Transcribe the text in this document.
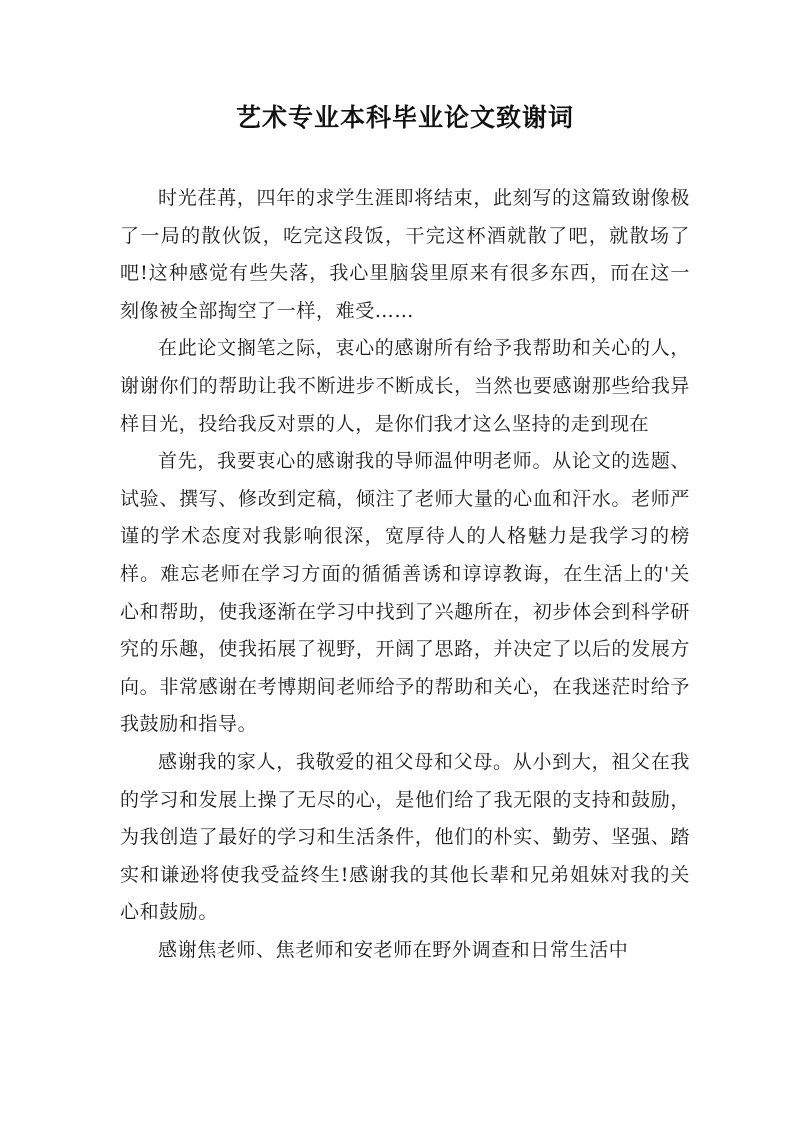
艺术专业本科毕业论文致谢词

时光荏苒，四年的求学生涯即将结束，此刻写的这篇致谢像极了一局的散伙饭，吃完这段饭，干完这杯酒就散了吧，就散场了吧!这种感觉有些失落，我心里脑袋里原来有很多东西，而在这一刻像被全部掏空了一样，难受……

在此论文搁笔之际，衷心的感谢所有给予我帮助和关心的人，谢谢你们的帮助让我不断进步不断成长，当然也要感谢那些给我异样目光，投给我反对票的人，是你们我才这么坚持的走到现在

首先，我要衷心的感谢我的导师温仲明老师。从论文的选题、试验、撰写、修改到定稿，倾注了老师大量的心血和汗水。老师严谨的学术态度对我影响很深，宽厚待人的人格魅力是我学习的榜样。难忘老师在学习方面的循循善诱和谆谆教诲，在生活上的'关心和帮助，使我逐渐在学习中找到了兴趣所在，初步体会到科学研究的乐趣，使我拓展了视野，开阔了思路，并决定了以后的发展方向。非常感谢在考博期间老师给予的帮助和关心，在我迷茫时给予我鼓励和指导。

感谢我的家人，我敬爱的祖父母和父母。从小到大，祖父在我的学习和发展上操了无尽的心，是他们给了我无限的支持和鼓励，为我创造了最好的学习和生活条件，他们的朴实、勤劳、坚强、踏实和谦逊将使我受益终生!感谢我的其他长辈和兄弟姐妹对我的关心和鼓励。

感谢焦老师、焦老师和安老师在野外调查和日常生活中
